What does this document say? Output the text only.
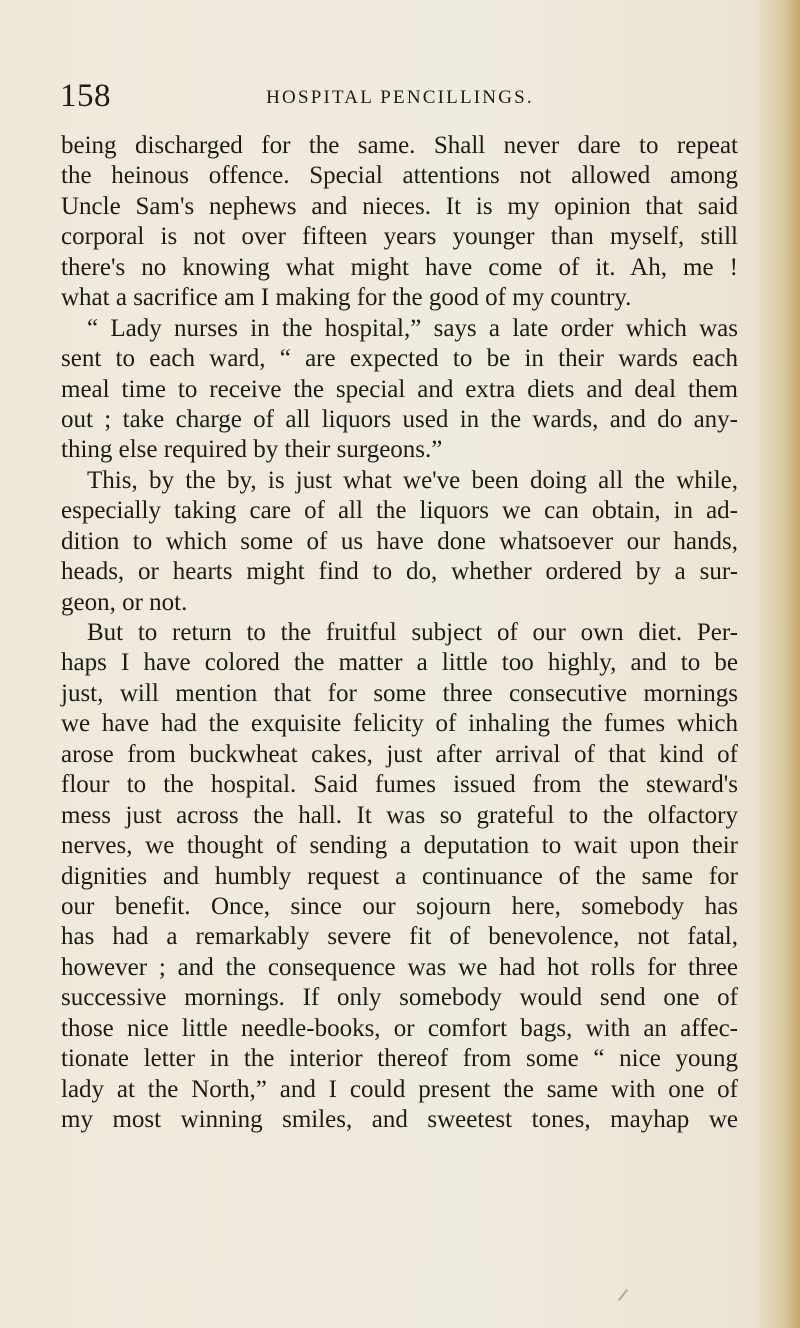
158	HOSPITAL PENCILLINGS.
being discharged for the same. Shall never dare to repeat
the heinous offence. Special attentions not allowed among
Uncle Sam's nephews and nieces. It is my opinion that said
corporal is not over fifteen years younger than myself, still
there's no knowing what might have come of it. Ah, me !
what a sacrifice am I making for the good of my country.
“ Lady nurses in the hospital,” says a late order which was
sent to each ward, “ are expected to be in their wards each
meal time to receive the special and extra diets and deal them
out ; take charge of all liquors used in the wards, and do any-
thing else required by their surgeons.”
This, by the by, is just what we've been doing all the while,
especially taking care of all the liquors we can obtain, in ad-
dition to which some of us have done whatsoever our hands,
heads, or hearts might find to do, whether ordered by a sur-
geon, or not.
But to return to the fruitful subject of our own diet. Per-
haps I have colored the matter a little too highly, and to be
just, will mention that for some three consecutive mornings
we have had the exquisite felicity of inhaling the fumes which
arose from buckwheat cakes, just after arrival of that kind of
flour to the hospital. Said fumes issued from the steward's
mess just across the hall. It was so grateful to the olfactory
nerves, we thought of sending a deputation to wait upon their
dignities and humbly request a continuance of the same for
our benefit. Once, since our sojourn here, somebody has
has had a remarkably severe fit of benevolence, not fatal,
however ; and the consequence was we had hot rolls for three
successive mornings. If only somebody would send one of
those nice little needle-books, or comfort bags, with an affec-
tionate letter in the interior thereof from some “ nice young
lady at the North,” and I could present the same with one of
my most winning smiles, and sweetest tones, mayhap we
